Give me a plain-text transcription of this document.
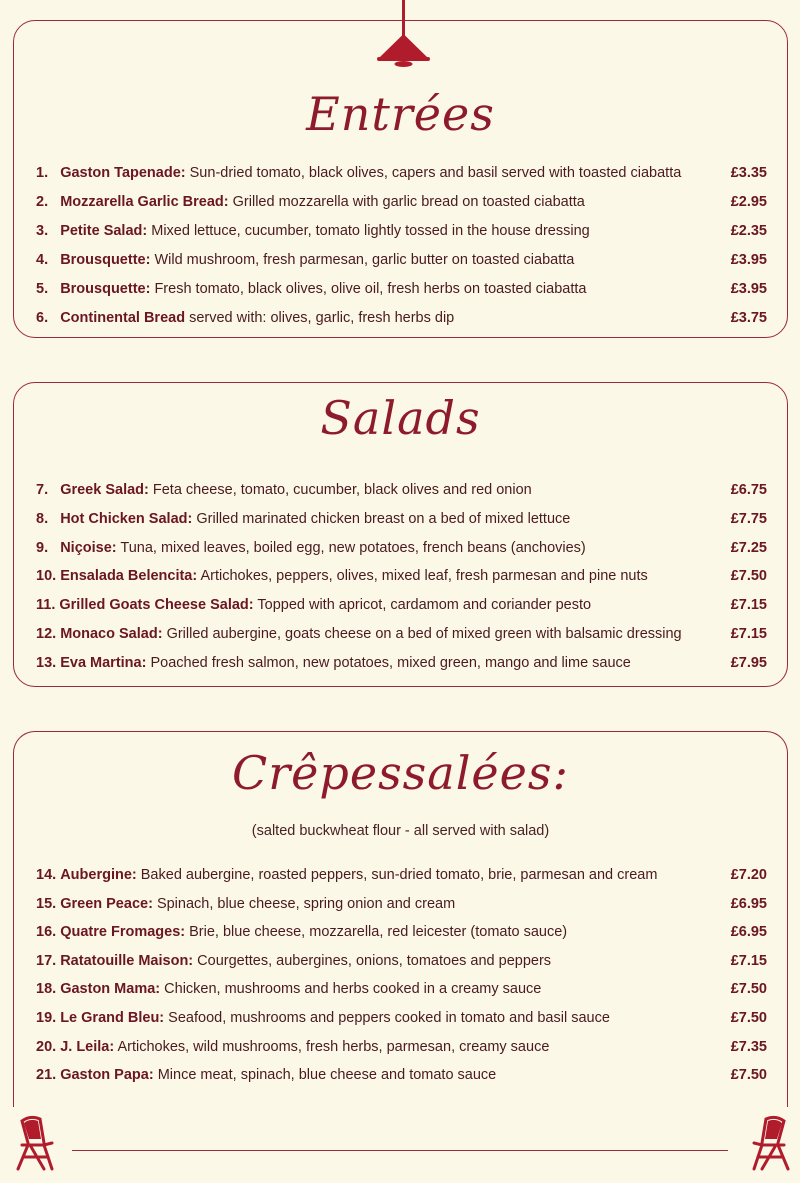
Entrées
1. Gaston Tapenade: Sun-dried tomato, black olives, capers and basil served with toasted ciabatta	£3.35
2. Mozzarella Garlic Bread: Grilled mozzarella with garlic bread on toasted ciabatta	£2.95
3. Petite Salad: Mixed lettuce, cucumber, tomato lightly tossed in the house dressing	£2.35
4. Brousquette: Wild mushroom, fresh parmesan, garlic butter on toasted ciabatta	£3.95
5. Brousquette: Fresh tomato, black olives, olive oil, fresh herbs on toasted ciabatta	£3.95
6. Continental Bread served with: olives, garlic, fresh herbs dip	£3.75
Salads
7. Greek Salad: Feta cheese, tomato, cucumber, black olives and red onion	£6.75
8. Hot Chicken Salad: Grilled marinated chicken breast on a bed of mixed lettuce	£7.75
9. Niçoise: Tuna, mixed leaves, boiled egg, new potatoes, french beans (anchovies)	£7.25
10. Ensalada Belencita: Artichokes, peppers, olives, mixed leaf, fresh parmesan and pine nuts	£7.50
11. Grilled Goats Cheese Salad: Topped with apricot, cardamom and coriander pesto	£7.15
12. Monaco Salad: Grilled aubergine, goats cheese on a bed of mixed green with balsamic dressing	£7.15
13. Eva Martina: Poached fresh salmon, new potatoes, mixed green, mango and lime sauce	£7.95
Crêpessalées:
(salted buckwheat flour - all served with salad)
14. Aubergine: Baked aubergine, roasted peppers, sun-dried tomato, brie, parmesan and cream	£7.20
15. Green Peace: Spinach, blue cheese, spring onion and cream	£6.95
16. Quatre Fromages: Brie, blue cheese, mozzarella, red leicester (tomato sauce)	£6.95
17. Ratatouille Maison: Courgettes, aubergines, onions, tomatoes and peppers	£7.15
18. Gaston Mama: Chicken, mushrooms and herbs cooked in a creamy sauce	£7.50
19. Le Grand Bleu: Seafood, mushrooms and peppers cooked in tomato and basil sauce	£7.50
20. J. Leila: Artichokes, wild mushrooms, fresh herbs, parmesan, creamy sauce	£7.35
21. Gaston Papa: Mince meat, spinach, blue cheese and tomato sauce	£7.50
